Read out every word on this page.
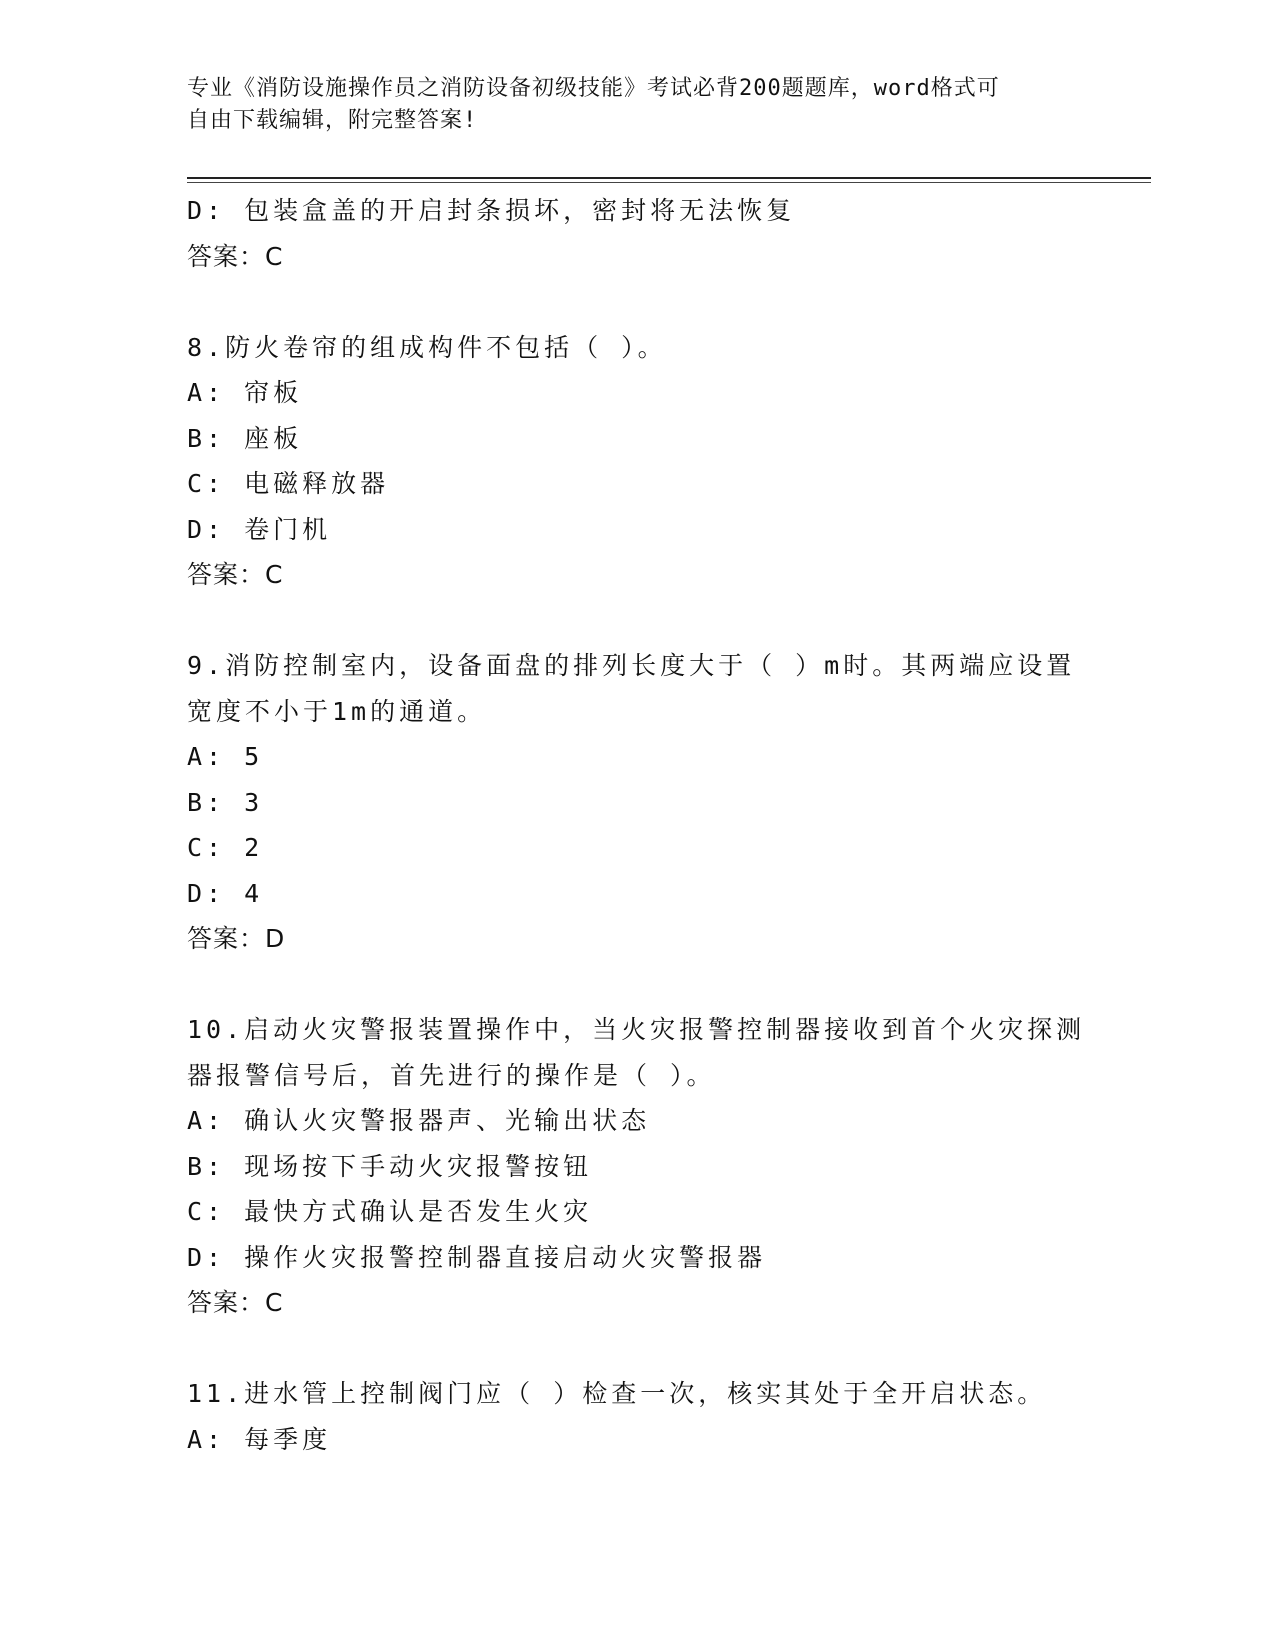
专业《消防设施操作员之消防设备初级技能》考试必背200题题库，word格式可
自由下载编辑，附完整答案!
D: 包装盒盖的开启封条损坏，密封将无法恢复
答案：C
8.防火卷帘的组成构件不包括（ ）。
A: 帘板
B: 座板
C: 电磁释放器
D: 卷门机
答案：C
9.消防控制室内，设备面盘的排列长度大于（ ）m时。其两端应设置
宽度不小于1m的通道。
A: 5
B: 3
C: 2
D: 4
答案：D
10.启动火灾警报装置操作中，当火灾报警控制器接收到首个火灾探测
器报警信号后，首先进行的操作是（ ）。
A: 确认火灾警报器声、光输出状态
B: 现场按下手动火灾报警按钮
C: 最快方式确认是否发生火灾
D: 操作火灾报警控制器直接启动火灾警报器
答案：C
11.进水管上控制阀门应（ ）检查一次，核实其处于全开启状态。
A: 每季度
